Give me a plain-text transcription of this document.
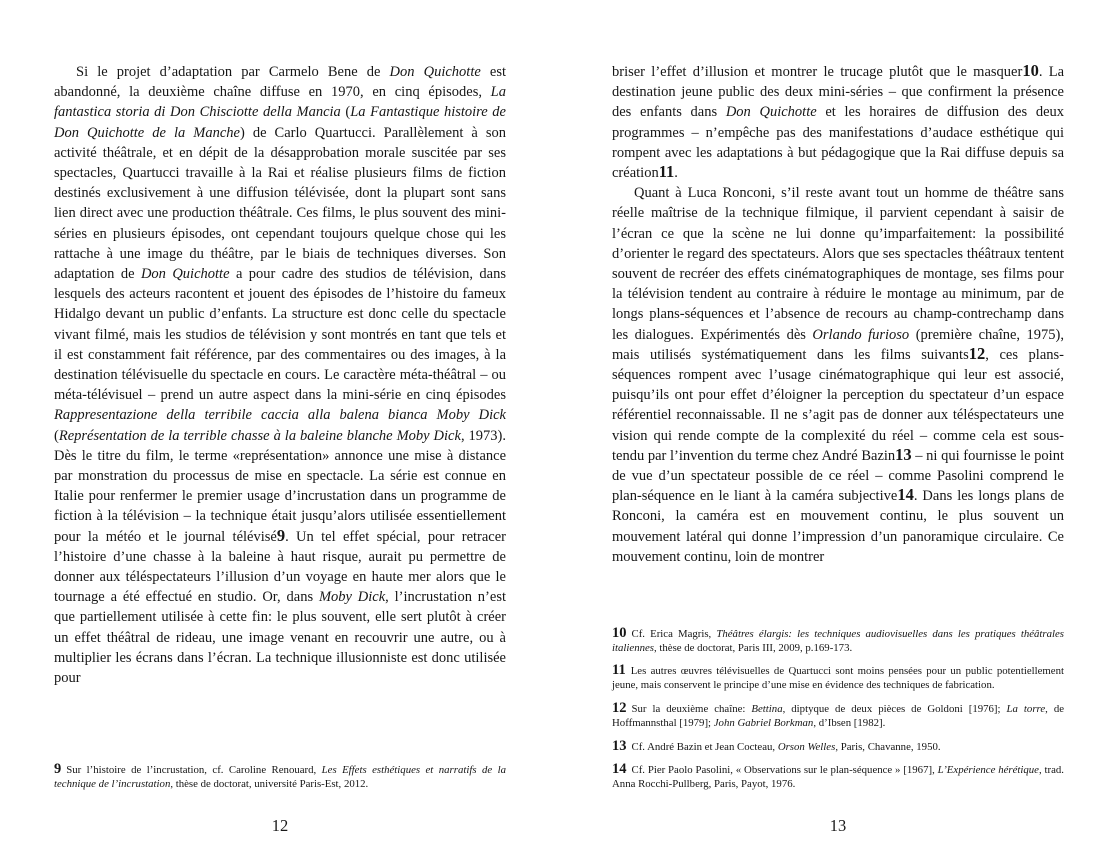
Si le projet d’adaptation par Carmelo Bene de Don Quichotte est abandonné, la deuxième chaîne diffuse en 1970, en cinq épisodes, La fantastica storia di Don Chisciotte della Mancia (La Fantastique histoire de Don Quichotte de la Manche) de Carlo Quartucci. Parallèlement à son activité théâtrale, et en dépit de la désapprobation morale suscitée par ses spectacles, Quartucci travaille à la Rai et réalise plusieurs films de fiction destinés exclusivement à une diffusion télévisée, dont la plupart sont sans lien direct avec une production théâtrale. Ces films, le plus souvent des mini-séries en plusieurs épisodes, ont cependant toujours quelque chose qui les rattache à une image du théâtre, par le biais de techniques diverses. Son adaptation de Don Quichotte a pour cadre des studios de télévision, dans lesquels des acteurs racontent et jouent des épisodes de l’histoire du fameux Hidalgo devant un public d’enfants. La structure est donc celle du spectacle vivant filmé, mais les studios de télévision y sont montrés en tant que tels et il est constamment fait référence, par des commentaires ou des images, à la destination télévisuelle du spectacle en cours. Le caractère méta-théâtral – ou méta-télévisuel – prend un autre aspect dans la mini-série en cinq épisodes Rappresentazione della terribile caccia alla balena bianca Moby Dick (Représentation de la terrible chasse à la baleine blanche Moby Dick, 1973). Dès le titre du film, le terme «représentation» annonce une mise à distance par monstration du processus de mise en spectacle. La série est connue en Italie pour renfermer le premier usage d’incrustation dans un programme de fiction à la télévision – la technique était jusqu’alors utilisée essentiellement pour la météo et le journal télévisé9. Un tel effet spécial, pour retracer l’histoire d’une chasse à la baleine à haut risque, aurait pu permettre de donner aux téléspectateurs l’illusion d’un voyage en haute mer alors que le tournage a été effectué en studio. Or, dans Moby Dick, l’incrustation n’est que partiellement utilisée à cette fin: le plus souvent, elle sert plutôt à créer un effet théâtral de rideau, une image venant en recouvrir une autre, ou à multiplier les écrans dans l’écran. La technique illusionniste est donc utilisée pour

9 Sur l’histoire de l’incrustation, cf. Caroline Renouard, Les Effets esthétiques et narratifs de la technique de l’incrustation, thèse de doctorat, université Paris-Est, 2012.
12

briser l’effet d’illusion et montrer le trucage plutôt que le masquer10. La destination jeune public des deux mini-séries – que confirment la présence des enfants dans Don Quichotte et les horaires de diffusion des deux programmes – n’empêche pas des manifestations d’audace esthétique qui rompent avec les adaptations à but pédagogique que la Rai diffuse depuis sa création11.

Quant à Luca Ronconi, s’il reste avant tout un homme de théâtre sans réelle maîtrise de la technique filmique, il parvient cependant à saisir de l’écran ce que la scène ne lui donne qu’imparfaitement: la possibilité d’orienter le regard des spectateurs. Alors que ses spectacles théâtraux tentent souvent de recréer des effets cinématographiques de montage, ses films pour la télévision tendent au contraire à réduire le montage au minimum, par de longs plans-séquences et l’absence de recours au champ-contrechamp dans les dialogues. Expérimentés dès Orlando furioso (première chaîne, 1975), mais utilisés systématiquement dans les films suivants12, ces plans-séquences rompent avec l’usage cinématographique qui leur est associé, puisqu’ils ont pour effet d’éloigner la perception du spectateur d’un espace référentiel reconnaissable. Il ne s’agit pas de donner aux téléspectateurs une vision qui rende compte de la complexité du réel – comme cela est sous-tendu par l’invention du terme chez André Bazin13 – ni qui fournisse le point de vue d’un spectateur possible de ce réel – comme Pasolini comprend le plan-séquence en le liant à la caméra subjective14. Dans les longs plans de Ronconi, la caméra est en mouvement continu, le plus souvent un mouvement latéral qui donne l’impression d’un panoramique circulaire. Ce mouvement continu, loin de montrer

10 Cf. Erica Magris, Théâtres élargis: les techniques audiovisuelles dans les pratiques théâtrales italiennes, thèse de doctorat, Paris III, 2009, p.169-173.
11 Les autres œuvres télévisuelles de Quartucci sont moins pensées pour un public potentiellement jeune, mais conservent le principe d’une mise en évidence des techniques de fabrication.
12 Sur la deuxième chaîne: Bettina, diptyque de deux pièces de Goldoni [1976]; La torre, de Hoffmannsthal [1979]; John Gabriel Borkman, d’Ibsen [1982].
13 Cf. André Bazin et Jean Cocteau, Orson Welles, Paris, Chavanne, 1950.
14 Cf. Pier Paolo Pasolini, « Observations sur le plan-séquence » [1967], L’Expérience hérétique, trad. Anna Rocchi-Pullberg, Paris, Payot, 1976.
13
